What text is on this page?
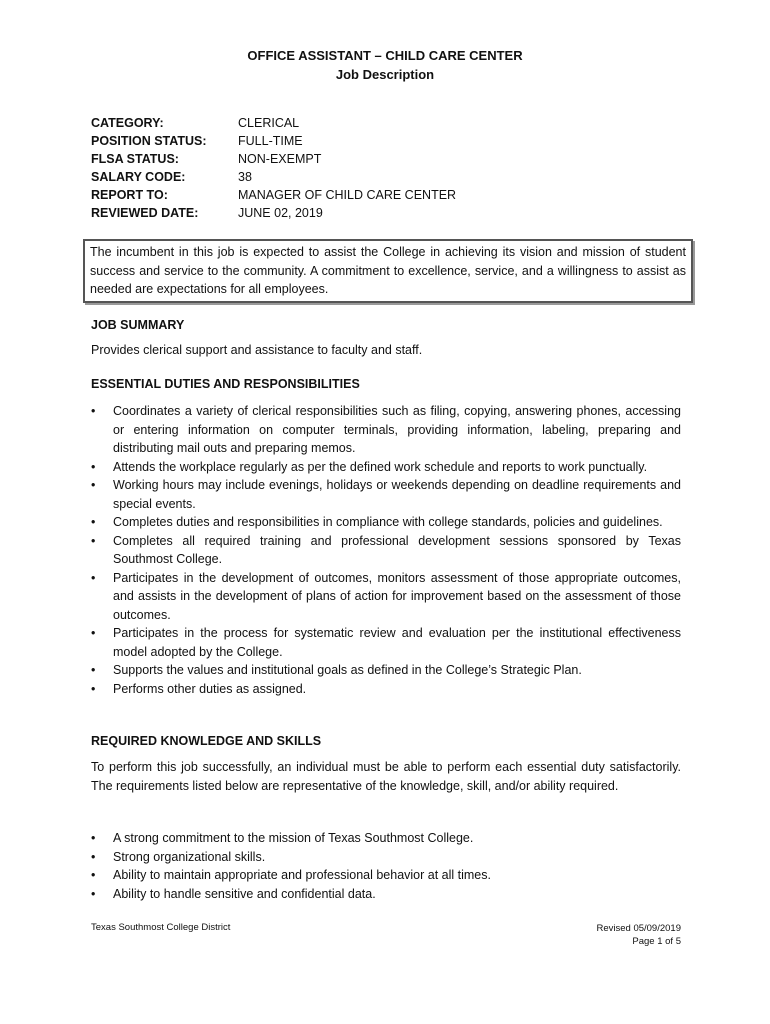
OFFICE ASSISTANT – CHILD CARE CENTER
Job Description
CATEGORY:	CLERICAL
POSITION STATUS:	FULL-TIME
FLSA STATUS:	NON-EXEMPT
SALARY CODE:	38
REPORT TO:	MANAGER OF CHILD CARE CENTER
REVIEWED DATE:	JUNE 02, 2019
The incumbent in this job is expected to assist the College in achieving its vision and mission of student success and service to the community. A commitment to excellence, service, and a willingness to assist as needed are expectations for all employees.
JOB SUMMARY
Provides clerical support and assistance to faculty and staff.
ESSENTIAL DUTIES AND RESPONSIBILITIES
•	Coordinates a variety of clerical responsibilities such as filing, copying, answering phones, accessing or entering information on computer terminals, providing information, labeling, preparing and distributing mail outs and preparing memos.
•	Attends the workplace regularly as per the defined work schedule and reports to work punctually.
•	Working hours may include evenings, holidays or weekends depending on deadline requirements and special events.
•	Completes duties and responsibilities in compliance with college standards, policies and guidelines.
•	Completes all required training and professional development sessions sponsored by Texas Southmost College.
•	Participates in the development of outcomes, monitors assessment of those appropriate outcomes, and assists in the development of plans of action for improvement based on the assessment of those outcomes.
•	Participates in the process for systematic review and evaluation per the institutional effectiveness model adopted by the College.
•	Supports the values and institutional goals as defined in the College’s Strategic Plan.
•	Performs other duties as assigned.
REQUIRED KNOWLEDGE AND SKILLS
To perform this job successfully, an individual must be able to perform each essential duty satisfactorily. The requirements listed below are representative of the knowledge, skill, and/or ability required.
•	A strong commitment to the mission of Texas Southmost College.
•	Strong organizational skills.
•	Ability to maintain appropriate and professional behavior at all times.
•	Ability to handle sensitive and confidential data.
Texas Southmost College District	Revised 05/09/2019
Page 1 of 5
